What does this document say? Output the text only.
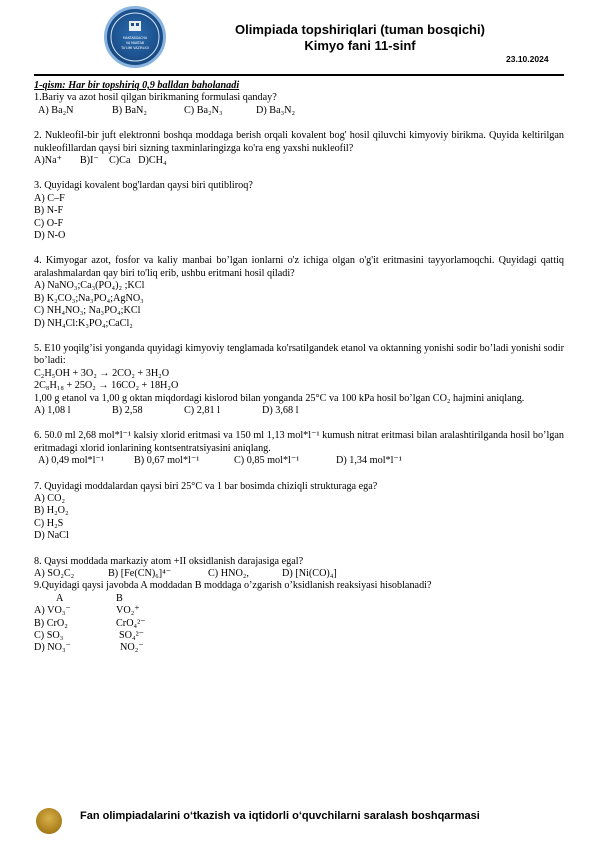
MAKTABGACHA
VA MAKTAB
TA'LIMI VAZIRLIGI
Olimpiada topshiriqlari (tuman bosqichi)
Kimyo fani 11-sinf
23.10.2024
1-qism: Har bir topshiriq 0,9 balldan baholanadi
1.Bariy va azot hosil qilgan birikmaning formulasi qanday?
A) Ba₂N	B) BaN₂	C) Ba₂N₃	D) Ba₃N₂
2. Nukleofil-bir juft elektronni boshqa moddaga berish orqali kovalent bog' hosil qiluvchi kimyoviy birikma. Quyida keltirilgan nukleofillardan qaysi biri sizning taxminlaringizga ko'ra eng yaxshi nukleofil?
A)Na⁺       B)I⁻    C)Ca   D)CH₄
3. Quyidagi kovalent bog'lardan qaysi biri qutibliroq?
A) C–F
B) N-F
C) O-F
D) N-O
4. Kimyogar azot, fosfor va kaliy manbai bo’lgan ionlarni o'z ichiga olgan o'g'it eritmasini tayyorlamoqchi. Quyidagi qattiq aralashmalardan qay biri to'liq erib, ushbu eritmani hosil qiladi?
A) NaNO₃;Ca₃(PO₄)₂ ;KCl
B) K₂CO₃;Na₃PO₄;AgNO₃
C) NH₄NO₃; Na₃PO₄;KCl
D) NH₄Cl:K₃PO₄;CaCl₂
5. E10 yoqilg’isi yonganda quyidagi kimyoviy tenglamada ko'rsatilgandek etanol va oktanning yonishi sodir bo’ladi yonishi sodir bo’ladi:
C₂H₅OH + 3O₂ → 2CO₂ + 3H₂O
2C₈H₁₈ + 25O₂ → 16CO₂ + 18H₂O
1,00 g etanol va 1,00 g oktan miqdordagi kislorod bilan yonganda 25°C va 100 kPa hosil bo’lgan CO₂ hajmini aniqlang.
A) 1,08 l	B) 2,58	C) 2,81 l	D) 3,68 l
6. 50.0 ml 2,68 mol*l⁻¹ kalsiy xlorid eritmasi va 150 ml 1,13 mol*l⁻¹ kumush nitrat eritmasi bilan aralashtirilganda hosil bo’lgan eritmadagi xlorid ionlarining kontsentratsiyasini aniqlang.
A) 0,49 mol*l⁻¹	B) 0,67 mol*l⁻¹	C) 0,85 mol*l⁻¹	D) 1,34 mol*l⁻¹
7. Quyidagi moddalardan qaysi biri 25°C va 1 bar bosimda chiziqli strukturaga ega?
A) CO₂
B) H₂O₂
C) H₂S
D) NaCl
8. Qaysi moddada markaziy atom +II oksidlanish darajasiga egal?
A) SO₂C₂	B) [Fe(CN)₆]⁴⁻	C) HNO₂,	D) [Ni(CO)₄]
9.Quyidagi qaysi javobda A moddadan B moddaga o’zgarish o’ksidlanish reaksiyasi hisoblanadi?
A	B
A) VO₃⁻	VO₂⁺
B) CrO₂	CrO₄²⁻
C) SO₃	SO₄²⁻
D) NO₃⁻	NO₂⁻
Fan olimpiadalarini o‘tkazish va iqtidorli o‘quvchilarni saralash boshqarmasi
